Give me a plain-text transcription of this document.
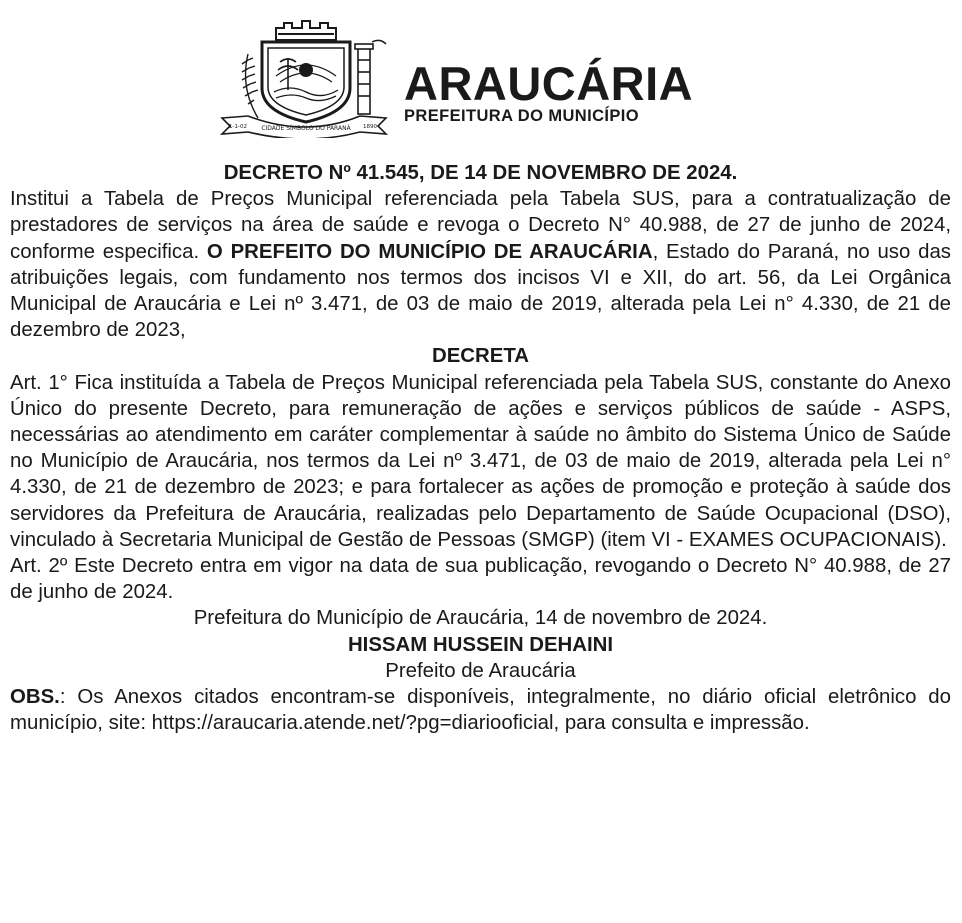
CIDADE SÍMBOLO DO PARANÁ
1-1-02	1890
ARAUCÁRIA
PREFEITURA DO MUNICÍPIO

DECRETO Nº 41.545, DE 14 DE NOVEMBRO DE 2024.

Institui a Tabela de Preços Municipal referenciada pela Tabela SUS, para a contratualização de prestadores de serviços na área de saúde e revoga o Decreto N° 40.988, de 27 de junho de 2024, conforme especifica. O PREFEITO DO MUNICÍPIO DE ARAUCÁRIA, Estado do Paraná, no uso das atribuições legais, com fundamento nos termos dos incisos VI e XII, do art. 56, da Lei Orgânica Municipal de Araucária e Lei nº 3.471, de 03 de maio de 2019, alterada pela Lei n° 4.330, de 21 de dezembro de 2023,

DECRETA

Art. 1° Fica instituída a Tabela de Preços Municipal referenciada pela Tabela SUS, constante do Anexo Único do presente Decreto, para remuneração de ações e serviços públicos de saúde - ASPS, necessárias ao atendimento em caráter complementar à saúde no âmbito do Sistema Único de Saúde no Município de Araucária, nos termos da Lei nº 3.471, de 03 de maio de 2019, alterada pela Lei n° 4.330, de 21 de dezembro de 2023; e para fortalecer as ações de promoção e proteção à saúde dos servidores da Prefeitura de Araucária, realizadas pelo Departamento de Saúde Ocupacional (DSO), vinculado à Secretaria Municipal de Gestão de Pessoas (SMGP) (item VI - EXAMES OCUPACIONAIS).

Art. 2º Este Decreto entra em vigor na data de sua publicação, revogando o Decreto N° 40.988, de 27 de junho de 2024.

Prefeitura do Município de Araucária, 14 de novembro de 2024.

HISSAM HUSSEIN DEHAINI

Prefeito de Araucária

OBS.: Os Anexos citados encontram-se disponíveis, integralmente, no diário oficial eletrônico do município, site: https://araucaria.atende.net/?pg=diariooficial, para consulta e impressão.
